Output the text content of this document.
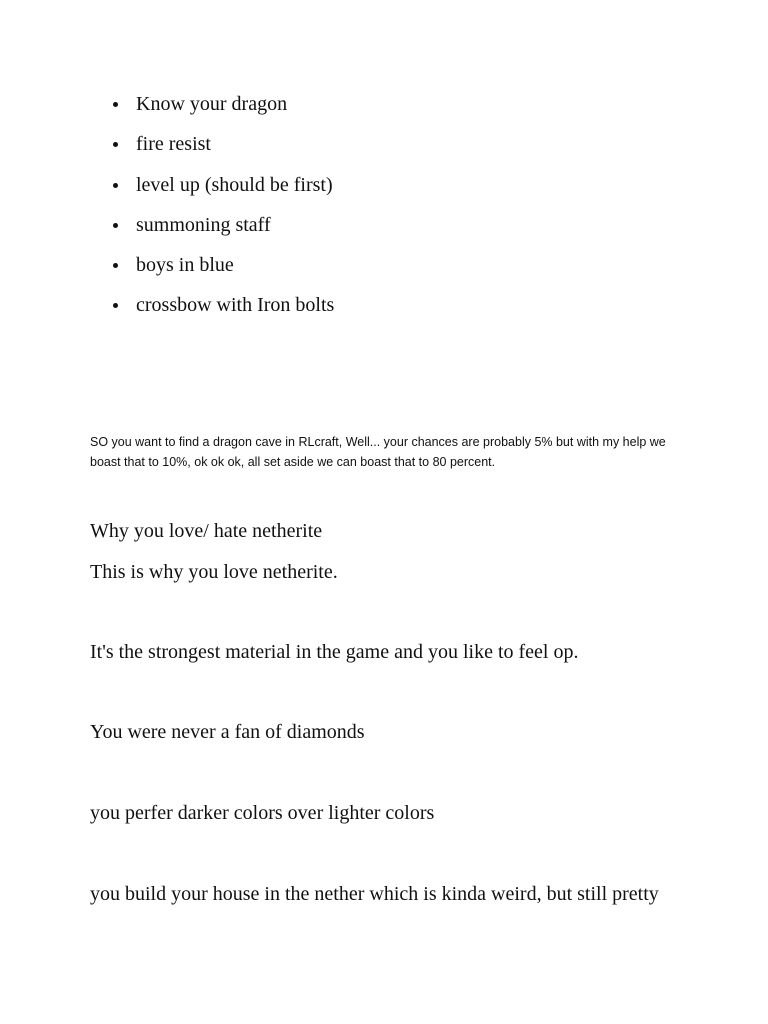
Know your dragon
fire resist
level up (should be first)
summoning staff
boys in blue
crossbow with Iron bolts

SO you want to find a dragon cave in RLcraft, Well... your chances are probably 5% but with my help we boast that to 10%, ok ok ok, all set aside we can boast that to 80 percent.

Why you love/ hate netherite

This is why you love netherite.

It's the strongest material in the game and you like to feel op.

You were never a fan of diamonds

you perfer darker colors over lighter colors

you build your house in the nether which is kinda weird, but still pretty
